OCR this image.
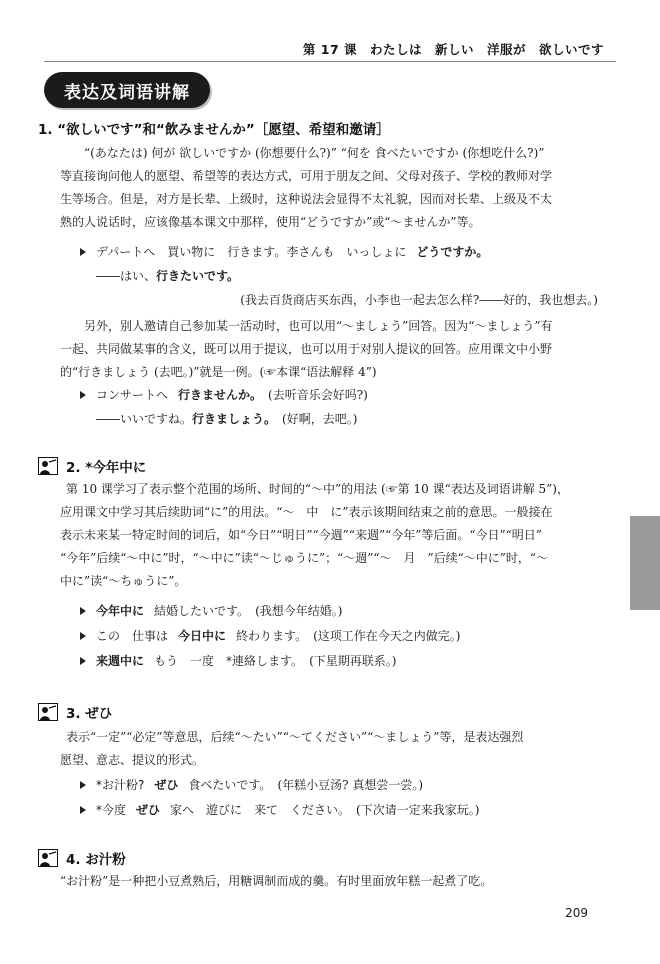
第 17 课　わたしは　新しい　洋服が　欲しいです
表达及词语讲解
1. “欲しいです”和“飲みませんか”［愿望、希望和邀请］
“(あなたは) 何が 欲しいですか (你想要什么?)” “何を 食べたいですか (你想吃什么?)”
等直接询问他人的愿望、希望等的表达方式，可用于朋友之间、父母对孩子、学校的教师对学
生等场合。但是，对方是长辈、上级时，这种说法会显得不太礼貌，因而对长辈、上级及不太
熟的人说话时，应该像基本课文中那样，使用“どうですか”或“～ませんか”等。
デパートへ　買い物に　行きます。李さんも　いっしょに どうですか。
――はい、 行きたいです。
(我去百货商店买东西，小李也一起去怎么样?――好的，我也想去。)
另外，别人邀请自己参加某一活动时，也可以用“～ましょう”回答。因为“～ましょう”有
一起、共同做某事的含义，既可以用于提议，也可以用于对别人提议的回答。应用课文中小野
的“行きましょう (去吧。)”就是一例。(☞本课“语法解释 4”)
コンサートへ 行きませんか。 (去听音乐会好吗?)
――いいですね。 行きましょう。 (好啊，去吧。)
2. *今年中に
第 10 课学习了表示整个范围的场所、时间的“～中”的用法 (☞第 10 课“表达及词语讲解 5”)，
应用课文中学习其后续助词“に”的用法。“～　中　に”表示该期间结束之前的意思。一般接在
表示未来某一特定时间的词后，如“今日”“明日”“今週”“来週”“今年”等后面。“今日”“明日”
“今年”后续“～中に”时，“～中に”读“～じゅうに”；“～週”“～　月　”后续“～中に”时，“～
中に”读“～ちゅうに”。
今年中に 結婚したいです。 (我想今年结婚。)
この　仕事は 今日中に 終わります。 (这项工作在今天之内做完。)
来週中に もう　一度　*連絡します。 (下星期再联系。)
3. ぜひ
表示“一定”“必定”等意思，后续“～たい”“～てください”“～ましょう”等，是表达强烈
愿望、意志、提议的形式。
*お汁粉? ぜひ 食べたいです。 (年糕小豆汤? 真想尝一尝。)
*今度 ぜひ 家へ　遊びに　来て　ください。 (下次请一定来我家玩。)
4. お汁粉
“お汁粉”是一种把小豆煮熟后，用糖调制而成的羹。有时里面放年糕一起煮了吃。
209
